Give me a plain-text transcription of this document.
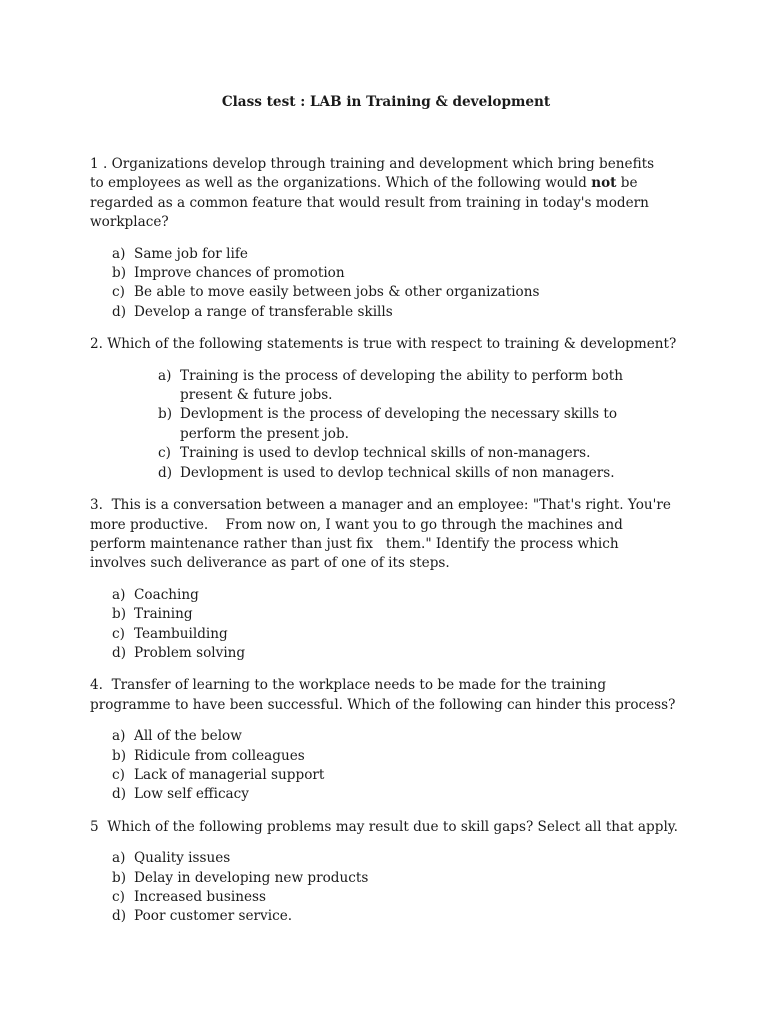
Class test : LAB in Training & development

1 . Organizations develop through training and development which bring benefits to employees as well as the organizations. Which of the following would not be regarded as a common feature that would result from training in today's modern workplace?

a) Same job for life
b) Improve chances of promotion
c) Be able to move easily between jobs & other organizations
d) Develop a range of transferable skills

2. Which of the following statements is true with respect to training & development?

a) Training is the process of developing the ability to perform both present & future jobs.
b) Devlopment is the process of developing the necessary skills to perform the present job.
c) Training is used to devlop technical skills of non-managers.
d) Devlopment is used to devlop technical skills of non managers.

3.  This is a conversation between a manager and an employee: "That's right. You're more productive.    From now on, I want you to go through the machines and perform maintenance rather than just fix   them." Identify the process which involves such deliverance as part of one of its steps.

a) Coaching
b) Training
c) Teambuilding
d) Problem solving

4.  Transfer of learning to the workplace needs to be made for the training programme to have been successful. Which of the following can hinder this process?

a) All of the below
b) Ridicule from colleagues
c) Lack of managerial support
d) Low self efficacy

5  Which of the following problems may result due to skill gaps? Select all that apply.

a) Quality issues
b) Delay in developing new products
c) Increased business
d) Poor customer service.
